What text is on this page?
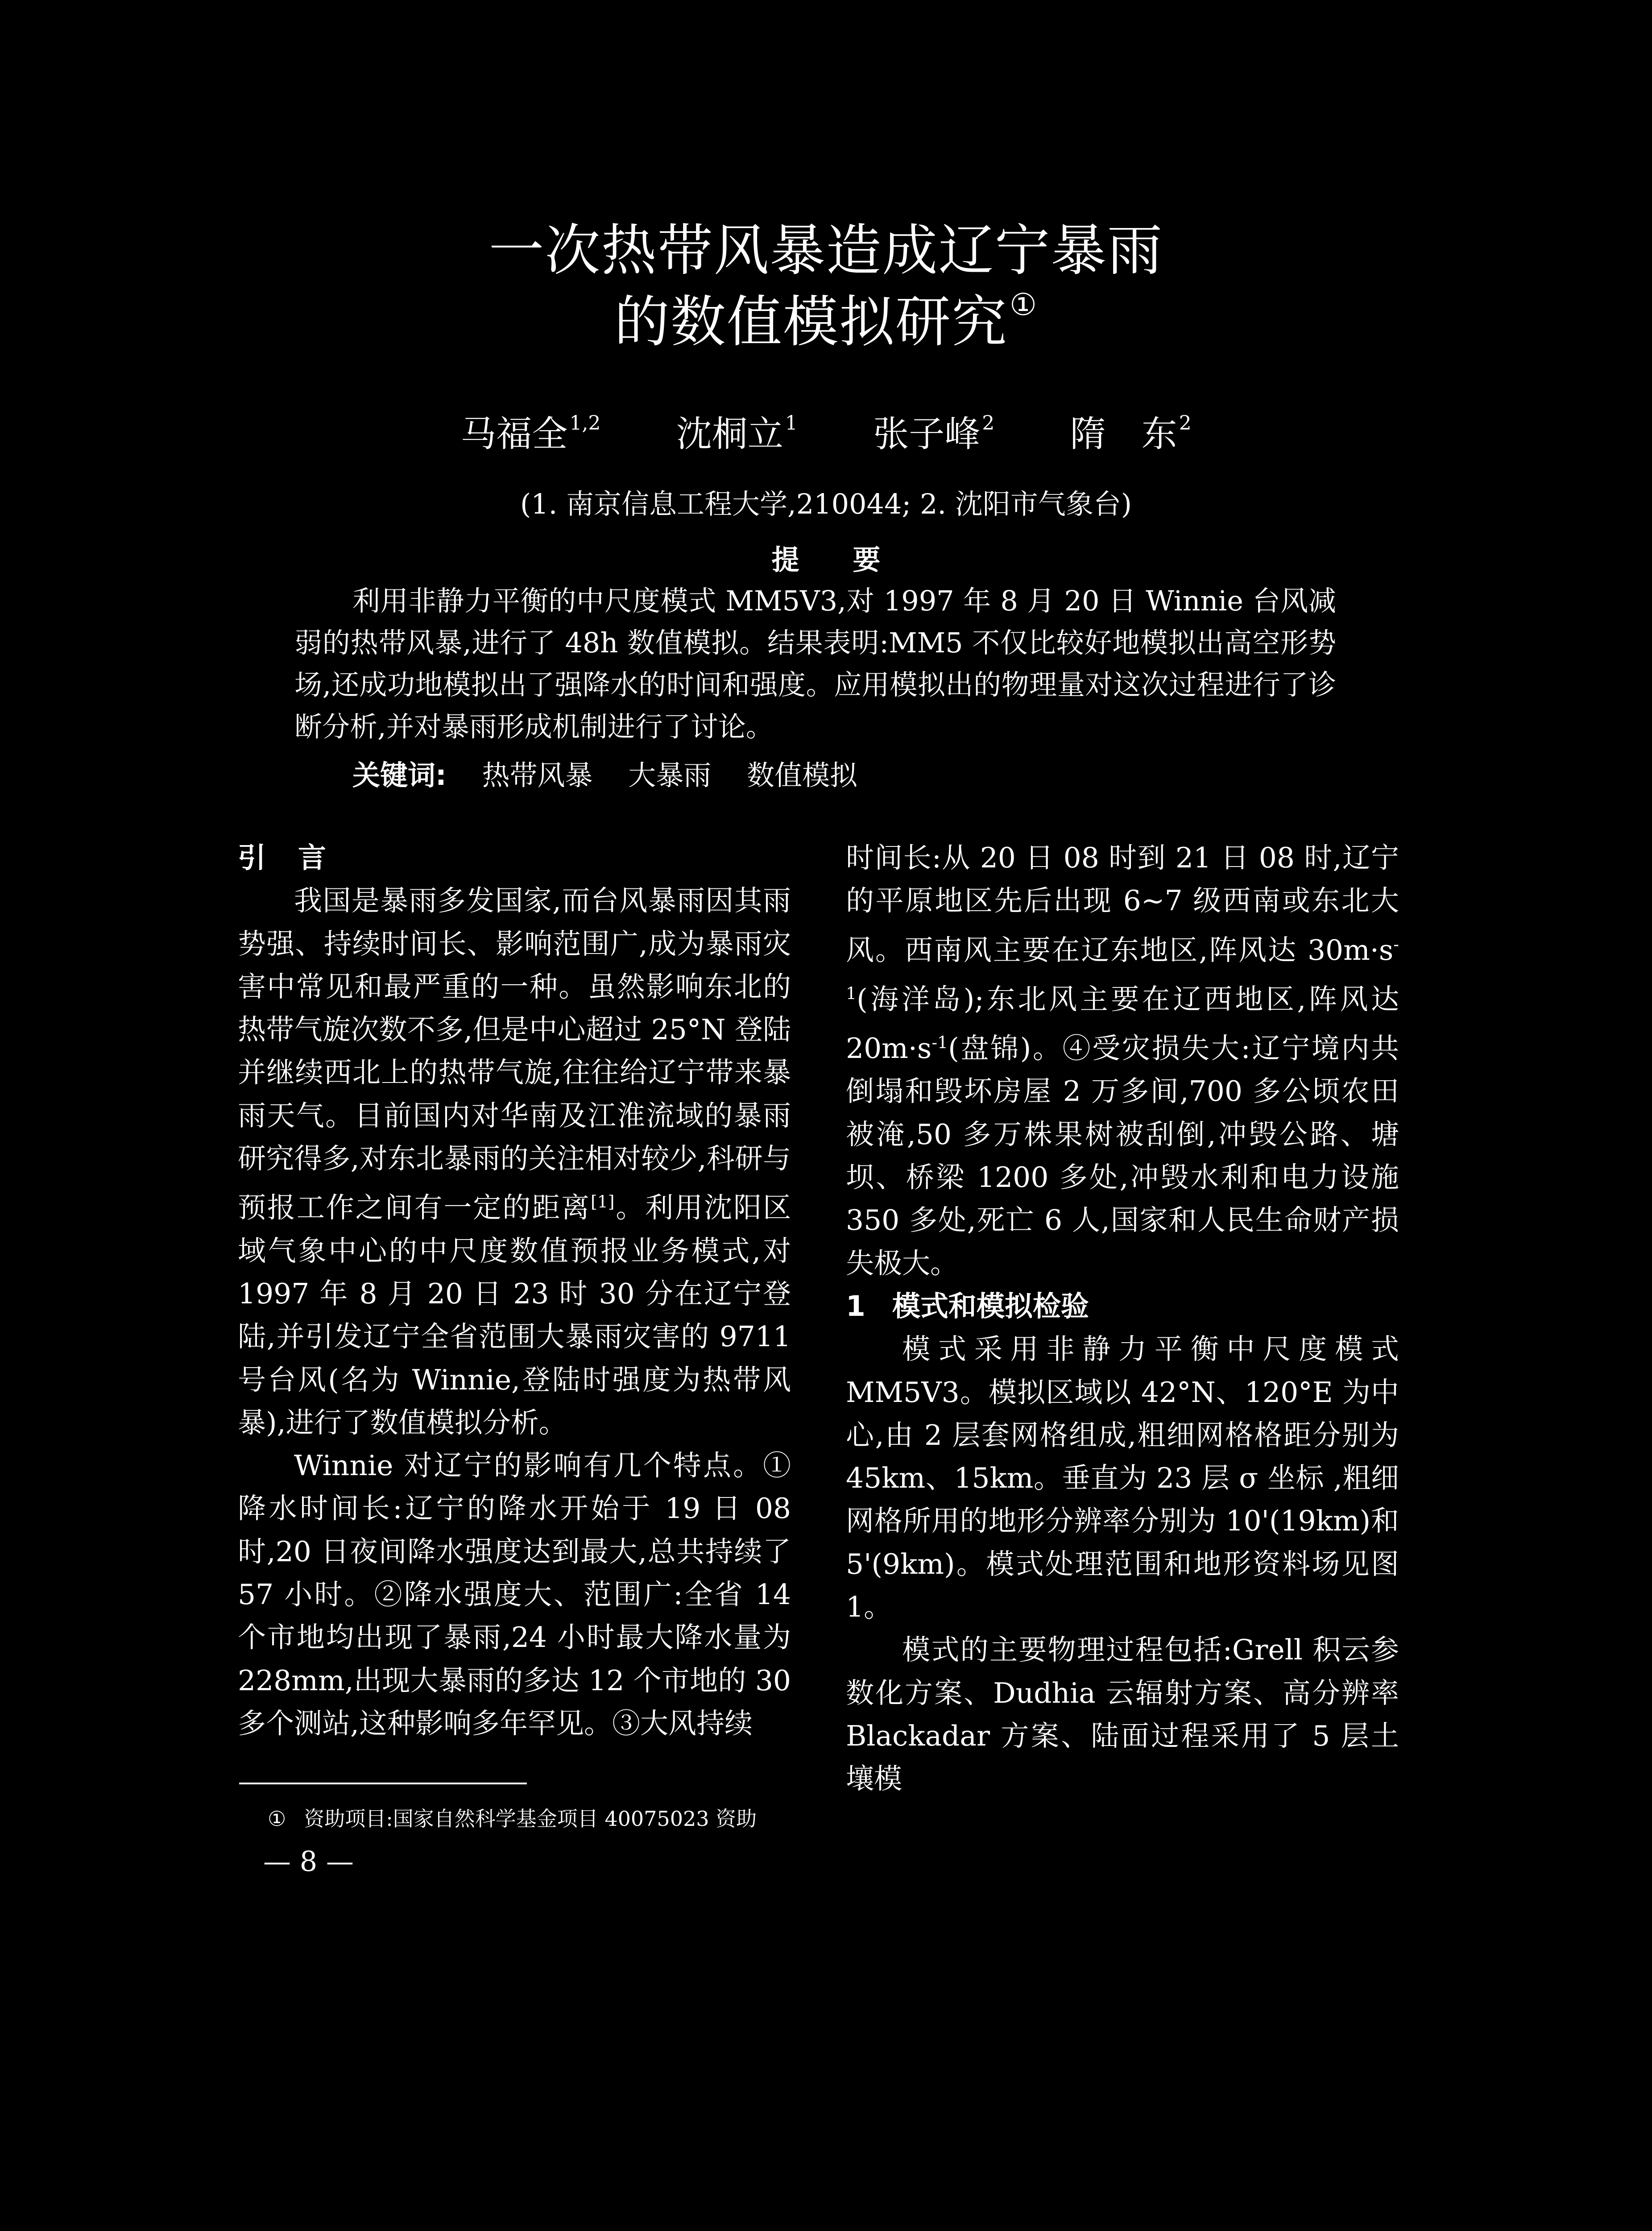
一次热带风暴造成辽宁暴雨
的数值模拟研究①
马福全$^{1,2}$ 沈桐立$^1$ 张子峰$^2$ 隋　东$^2$
(1. 南京信息工程大学,210044; 2. 沈阳市气象台)
提要

利用非静力平衡的中尺度模式 MM5V3,对 1997 年 8 月 20 日 Winnie 台风减弱的热带风暴,进行了 48h 数值模拟。结果表明:MM5 不仅比较好地模拟出高空形势场,还成功地模拟出了强降水的时间和强度。应用模拟出的物理量对这次过程进行了诊断分析,并对暴雨形成机制进行了讨论。

关键词: 热带风暴 大暴雨 数值模拟

引言

我国是暴雨多发国家,而台风暴雨因其雨势强、持续时间长、影响范围广,成为暴雨灾害中常见和最严重的一种。虽然影响东北的热带气旋次数不多,但是中心超过 25°N 登陆并继续西北上的热带气旋,往往给辽宁带来暴雨天气。目前国内对华南及江淮流域的暴雨研究得多,对东北暴雨的关注相对较少,科研与预报工作之间有一定的距离[1]。利用沈阳区域气象中心的中尺度数值预报业务模式,对 1997 年 8 月 20 日 23 时 30 分在辽宁登陆,并引发辽宁全省范围大暴雨灾害的 9711 号台风(名为 Winnie,登陆时强度为热带风暴),进行了数值模拟分析。

Winnie 对辽宁的影响有几个特点。①降水时间长:辽宁的降水开始于 19 日 08 时,20 日夜间降水强度达到最大,总共持续了 57 小时。②降水强度大、范围广:全省 14 个市地均出现了暴雨,24 小时最大降水量为 228mm,出现大暴雨的多达 12 个市地的 30 多个测站,这种影响多年罕见。③大风持续

时间长:从 20 日 08 时到 21 日 08 时,辽宁的平原地区先后出现 6~7 级西南或东北大风。西南风主要在辽东地区,阵风达 $30m\cdot s^{-1}$(海洋岛);东北风主要在辽西地区,阵风达 $20m\cdot s^{-1}$(盘锦)。④受灾损失大:辽宁境内共倒塌和毁坏房屋 2 万多间,700 多公顷农田被淹,50 多万株果树被刮倒,冲毁公路、塘坝、桥梁 1200 多处,冲毁水利和电力设施 350 多处,死亡 6 人,国家和人民生命财产损失极大。

1 模式和模拟检验

模式采用非静力平衡中尺度模式 MM5V3。模拟区域以 42°N、120°E 为中心,由 2 层套网格组成,粗细网格格距分别为 45km、15km。垂直为 23 层 σ 坐标 ,粗细网格所用的地形分辨率分别为 10'(19km)和 5'(9km)。模式处理范围和地形资料场见图 1。

模式的主要物理过程包括:Grell 积云参数化方案、Dudhia 云辐射方案、高分辨率 Blackadar 方案、陆面过程采用了 5 层土壤模

① 资助项目:国家自然科学基金项目 40075023 资助
— 8 —
